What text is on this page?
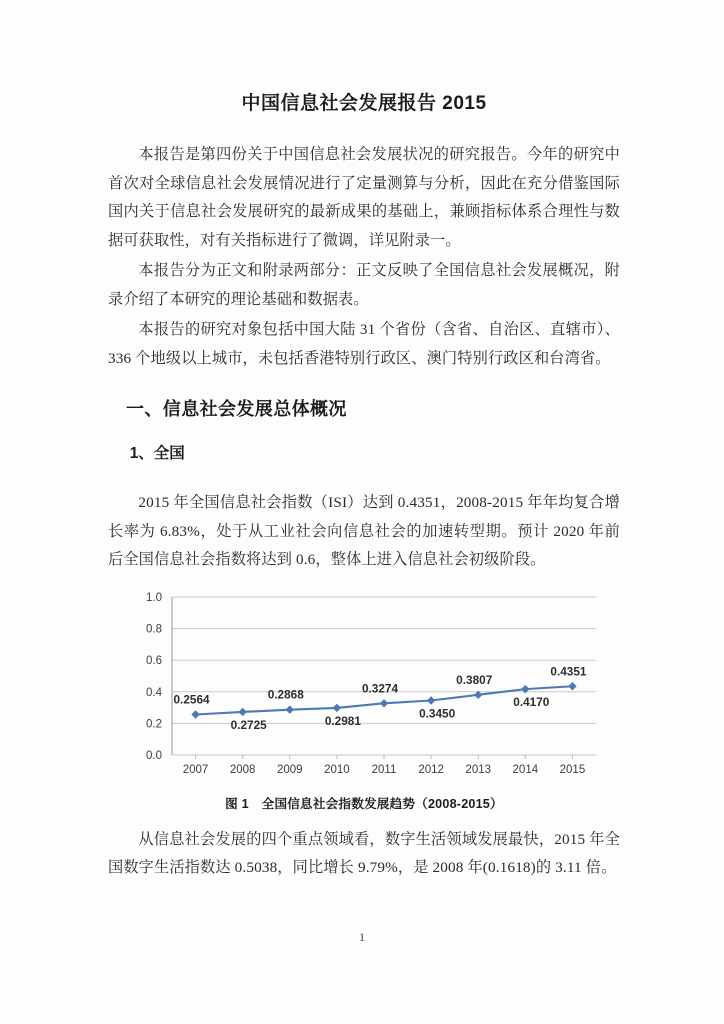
中国信息社会发展报告 2015

本报告是第四份关于中国信息社会发展状况的研究报告。今年的研究中首次对全球信息社会发展情况进行了定量测算与分析，因此在充分借鉴国际国内关于信息社会发展研究的最新成果的基础上，兼顾指标体系合理性与数据可获取性，对有关指标进行了微调，详见附录一。

本报告分为正文和附录两部分：正文反映了全国信息社会发展概况，附录介绍了本研究的理论基础和数据表。

本报告的研究对象包括中国大陆 31 个省份（含省、自治区、直辖市）、336 个地级以上城市，未包括香港特别行政区、澳门特别行政区和台湾省。

一、信息社会发展总体概况
1、全国

2015 年全国信息社会指数（ISI）达到 0.4351，2008-2015 年年均复合增长率为 6.83%，处于从工业社会向信息社会的加速转型期。预计 2020 年前后全国信息社会指数将达到 0.6，整体上进入信息社会初级阶段。

0.0
0.2
0.4
0.6
0.8
1.0
2007 2008 2009 2010 2011 2012 2013 2014 2015
0.2564
0.2725
0.2868
0.2981
0.3274
0.3450
0.3807
0.4170
0.4351
图 1　全国信息社会指数发展趋势（2008-2015）

从信息社会发展的四个重点领域看，数字生活领域发展最快，2015 年全国数字生活指数达 0.5038，同比增长 9.79%，是 2008 年(0.1618)的 3.11 倍。

1
